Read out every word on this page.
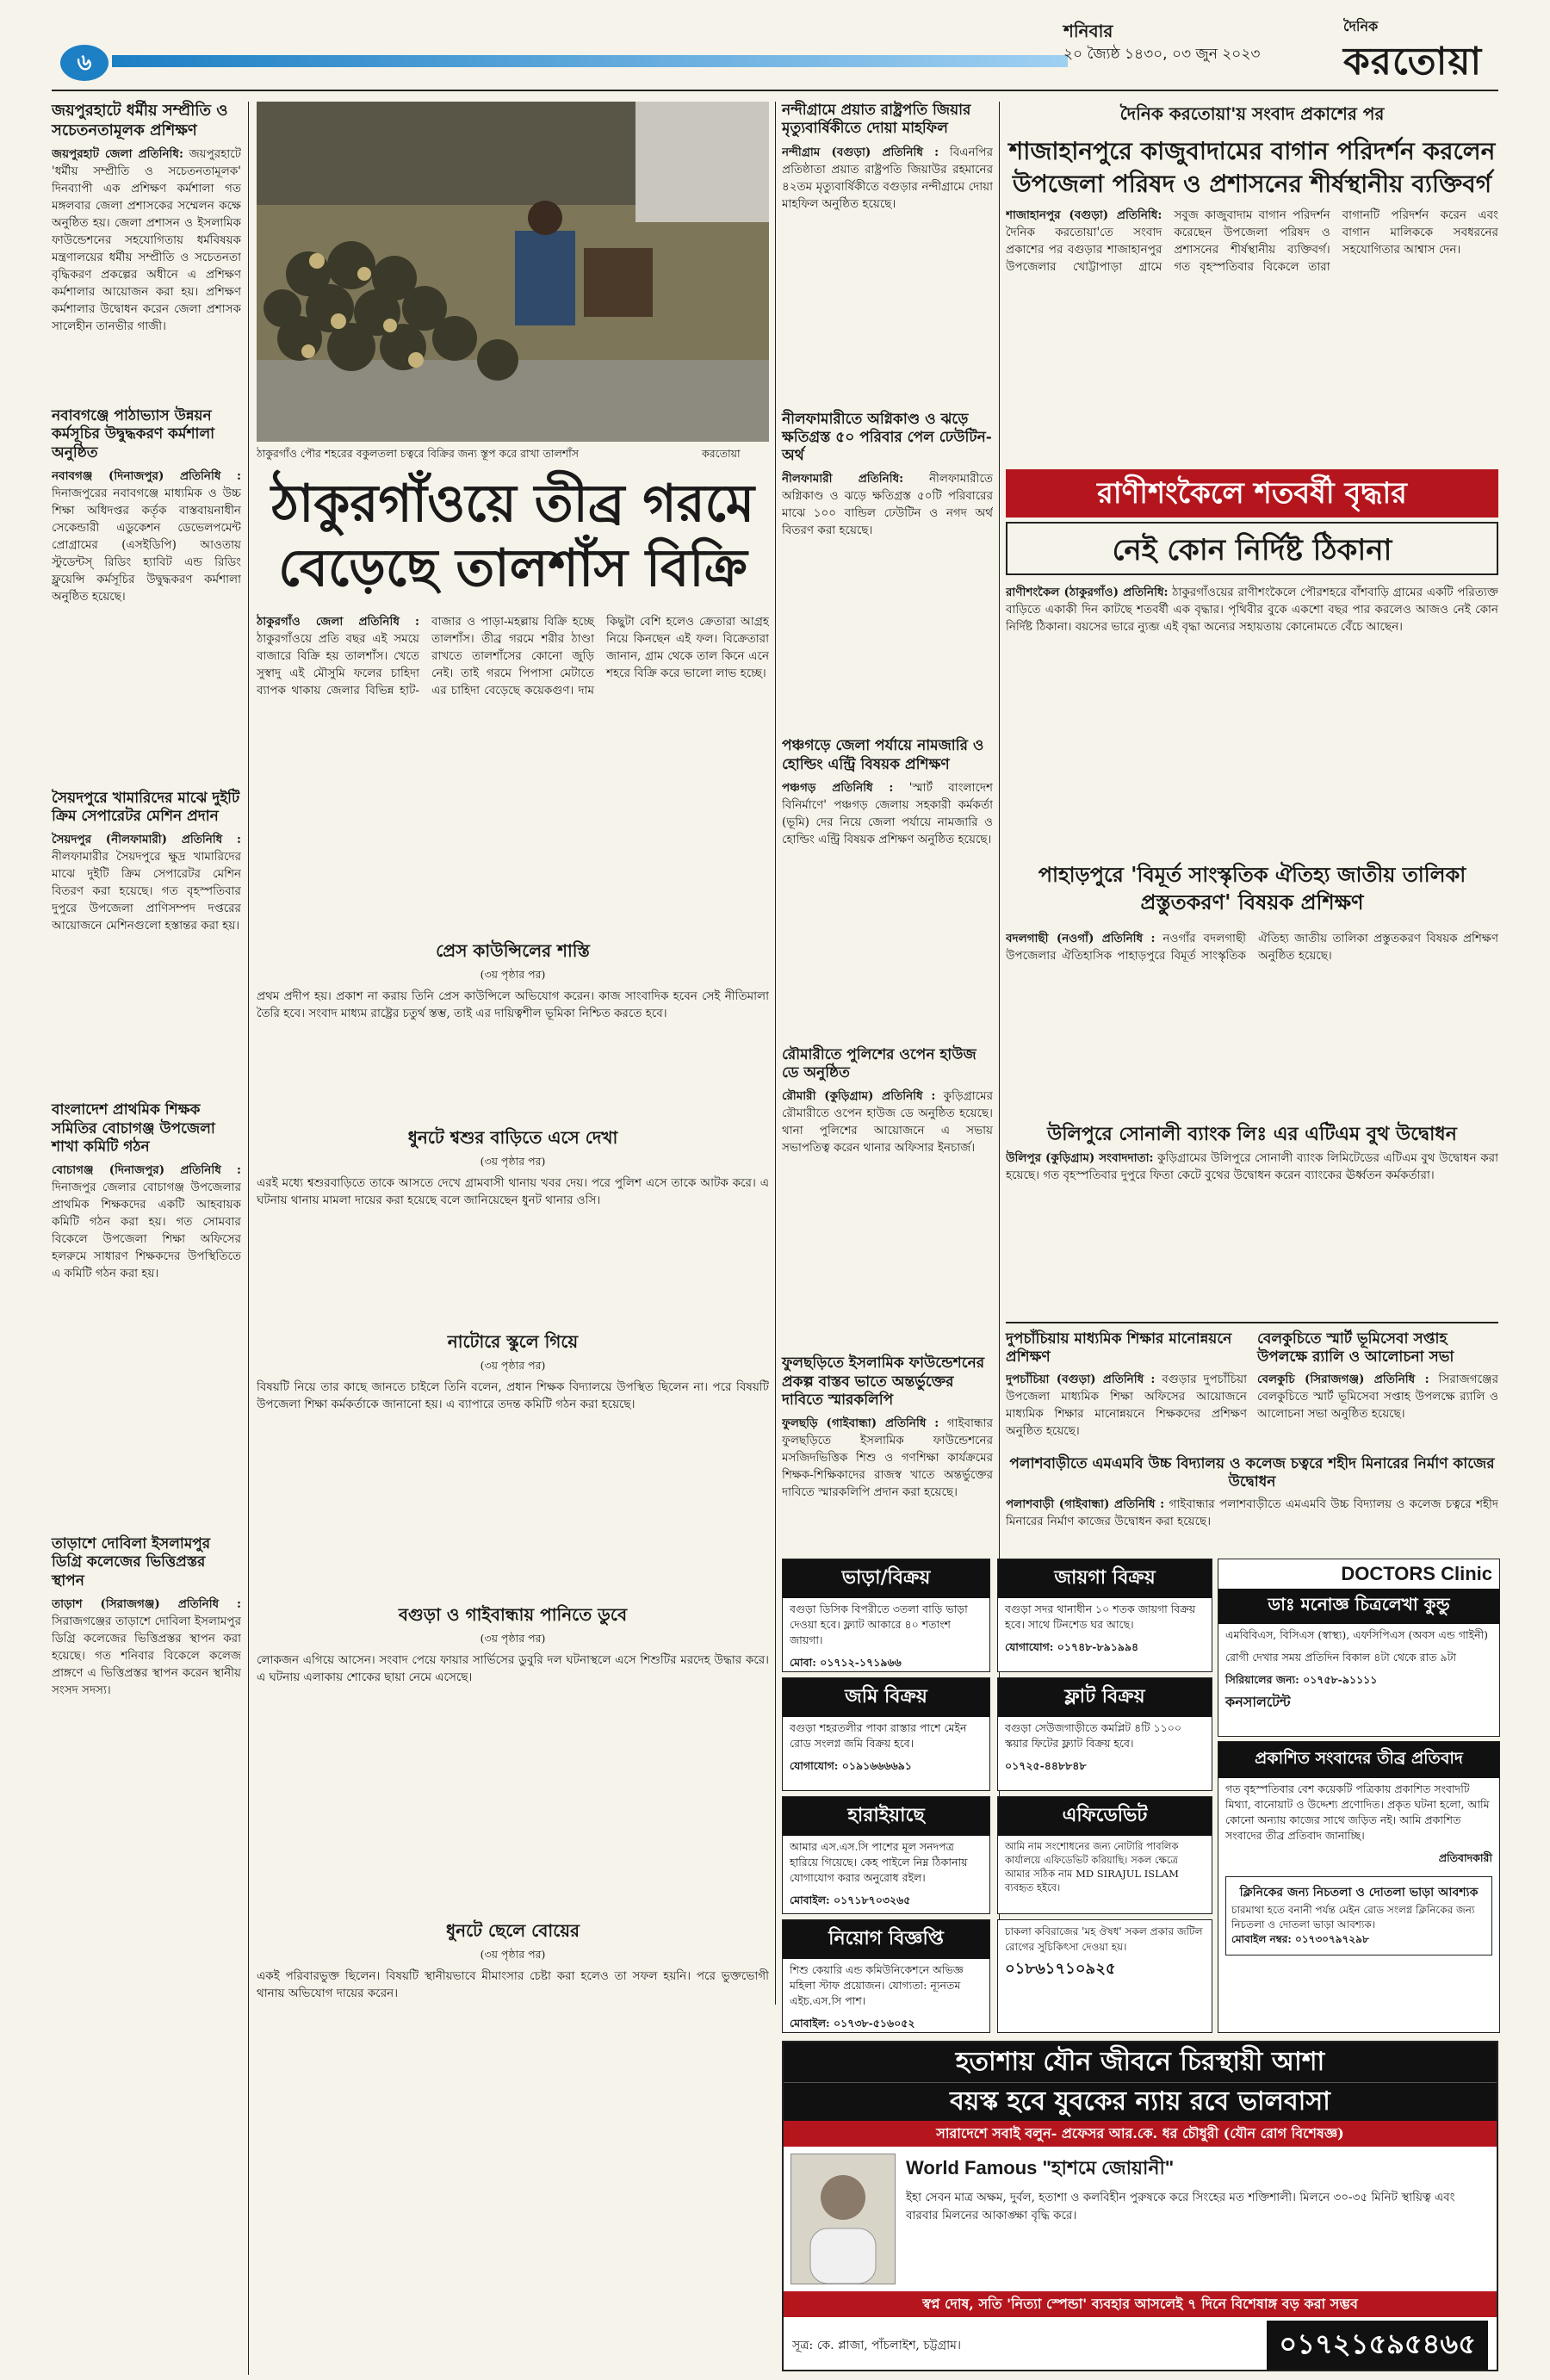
৬
শনিবার
২০ জ্যৈষ্ঠ ১৪৩০, ০৩ জুন ২০২৩
দৈনিক
করতোয়া
জয়পুরহাটে ধর্মীয় সম্প্রীতি ও সচেতনতামূলক প্রশিক্ষণ
জয়পুরহাট জেলা প্রতিনিধি: জয়পুরহাটে 'ধর্মীয় সম্প্রীতি ও সচেতনতামূলক' দিনব্যাপী এক প্রশিক্ষণ কর্মশালা গত মঙ্গলবার জেলা প্রশাসকের সম্মেলন কক্ষে অনুষ্ঠিত হয়। জেলা প্রশাসন ও ইসলামিক ফাউন্ডেশনের সহযোগিতায় ধর্মবিষয়ক মন্ত্রণালয়ের ধর্মীয় সম্প্রীতি ও সচেতনতা বৃদ্ধিকরণ প্রকল্পের অধীনে এ প্রশিক্ষণ কর্মশালার আয়োজন করা হয়। প্রশিক্ষণ কর্মশালার উদ্বোধন করেন জেলা প্রশাসক সালেহীন তানভীর গাজী।
নবাবগঞ্জে পাঠাভ্যাস উন্নয়ন কর্মসূচির উদ্বুদ্ধকরণ কর্মশালা অনুষ্ঠিত
নবাবগঞ্জ (দিনাজপুর) প্রতিনিধি : দিনাজপুরের নবাবগঞ্জে মাধ্যমিক ও উচ্চ শিক্ষা অধিদপ্তর কর্তৃক বাস্তবায়নাধীন সেকেন্ডারী এডুকেশন ডেভেলপমেন্ট প্রোগ্রামের (এসইডিপি) আওতায় স্টুডেন্টস্‌ রিডিং হ্যাবিট এন্ড রিডিং ফ্লুয়েন্সি কর্মসূচির উদ্বুদ্ধকরণ কর্মশালা অনুষ্ঠিত হয়েছে।
সৈয়দপুরে খামারিদের মাঝে দুইটি ক্রিম সেপারেটর মেশিন প্রদান
সৈয়দপুর (নীলফামারী) প্রতিনিধি : নীলফামারীর সৈয়দপুরে ক্ষুদ্র খামারিদের মাঝে দুইটি ক্রিম সেপারেটর মেশিন বিতরণ করা হয়েছে। গত বৃহস্পতিবার দুপুরে উপজেলা প্রাণিসম্পদ দপ্তরের আয়োজনে মেশিনগুলো হস্তান্তর করা হয়।
বাংলাদেশ প্রাথমিক শিক্ষক সমিতির বোচাগঞ্জ উপজেলা শাখা কমিটি গঠন
বোচাগঞ্জ (দিনাজপুর) প্রতিনিধি : দিনাজপুর জেলার বোচাগঞ্জ উপজেলার প্রাথমিক শিক্ষকদের একটি আহবায়ক কমিটি গঠন করা হয়। গত সোমবার বিকেলে উপজেলা শিক্ষা অফিসের হলরুমে সাধারণ শিক্ষকদের উপস্থিতিতে এ কমিটি গঠন করা হয়।
তাড়াশে দোবিলা ইসলামপুর ডিগ্রি কলেজের ভিত্তিপ্রস্তর স্থাপন
তাড়াশ (সিরাজগঞ্জ) প্রতিনিধি : সিরাজগঞ্জের তাড়াশে দোবিলা ইসলামপুর ডিগ্রি কলেজের ভিত্তিপ্রস্তর স্থাপন করা হয়েছে। গত শনিবার বিকেলে কলেজ প্রাঙ্গণে এ ভিত্তিপ্রস্তর স্থাপন করেন স্থানীয় সংসদ সদস্য।
ঠাকুরগাঁও পৌর শহরের বকুলতলা চত্বরে বিক্রির জন্য স্তূপ করে রাখা তালশাঁস	করতোয়া
ঠাকুরগাঁওয়ে তীব্র গরমে
বেড়েছে তালশাঁস বিক্রি
ঠাকুরগাঁও জেলা প্রতিনিধি : ঠাকুরগাঁওয়ে প্রতি বছর এই সময়ে বাজারে বিক্রি হয় তালশাঁস। খেতে সুস্বাদু এই মৌসুমি ফলের চাহিদা ব্যাপক থাকায় জেলার বিভিন্ন হাট-বাজার ও পাড়া-মহল্লায় বিক্রি হচ্ছে তালশাঁস। তীব্র গরমে শরীর ঠাণ্ডা রাখতে তালশাঁসের কোনো জুড়ি নেই। তাই গরমে পিপাসা মেটাতে এর চাহিদা বেড়েছে কয়েকগুণ। দাম কিছুটা বেশি হলেও ক্রেতারা আগ্রহ নিয়ে কিনছেন এই ফল। বিক্রেতারা জানান, গ্রাম থেকে তাল কিনে এনে শহরে বিক্রি করে ভালো লাভ হচ্ছে।
প্রেস কাউন্সিলের শাস্তি
(৩য় পৃষ্ঠার পর)
প্রথম প্রদীপ হয়। প্রকাশ না করায় তিনি প্রেস কাউন্সিলে অভিযোগ করেন। কাজ সাংবাদিক হবেন সেই নীতিমালা তৈরি হবে। সংবাদ মাধ্যম রাষ্ট্রের চতুর্থ স্তম্ভ, তাই এর দায়িত্বশীল ভূমিকা নিশ্চিত করতে হবে।
ধুনটে শ্বশুর বাড়িতে এসে দেখা
(৩য় পৃষ্ঠার পর)
এরই মধ্যে শ্বশুরবাড়িতে তাকে আসতে দেখে গ্রামবাসী থানায় খবর দেয়। পরে পুলিশ এসে তাকে আটক করে। এ ঘটনায় থানায় মামলা দায়ের করা হয়েছে বলে জানিয়েছেন ধুনট থানার ওসি।
নাটোরে স্কুলে গিয়ে
(৩য় পৃষ্ঠার পর)
বিষয়টি নিয়ে তার কাছে জানতে চাইলে তিনি বলেন, প্রধান শিক্ষক বিদ্যালয়ে উপস্থিত ছিলেন না। পরে বিষয়টি উপজেলা শিক্ষা কর্মকর্তাকে জানানো হয়। এ ব্যাপারে তদন্ত কমিটি গঠন করা হয়েছে।
বগুড়া ও গাইবান্ধায় পানিতে ডুবে
(৩য় পৃষ্ঠার পর)
লোকজন এগিয়ে আসেন। সংবাদ পেয়ে ফায়ার সার্ভিসের ডুবুরি দল ঘটনাস্থলে এসে শিশুটির মরদেহ উদ্ধার করে। এ ঘটনায় এলাকায় শোকের ছায়া নেমে এসেছে।
ধুনটে ছেলে বোয়ের
(৩য় পৃষ্ঠার পর)
একই পরিবারভুক্ত ছিলেন। বিষয়টি স্থানীয়ভাবে মীমাংসার চেষ্টা করা হলেও তা সফল হয়নি। পরে ভুক্তভোগী থানায় অভিযোগ দায়ের করেন।
নন্দীগ্রামে প্রয়াত রাষ্ট্রপতি জিয়ার মৃত্যুবার্ষিকীতে দোয়া মাহফিল
নন্দীগ্রাম (বগুড়া) প্রতিনিধি : বিএনপির প্রতিষ্ঠাতা প্রয়াত রাষ্ট্রপতি জিয়াউর রহমানের ৪২তম মৃত্যুবার্ষিকীতে বগুড়ার নন্দীগ্রামে দোয়া মাহফিল অনুষ্ঠিত হয়েছে।
নীলফামারীতে অগ্নিকাণ্ড ও ঝড়ে ক্ষতিগ্রস্ত ৫০ পরিবার পেল ঢেউটিন-অর্থ
নীলফামারী প্রতিনিধি: নীলফামারীতে অগ্নিকাণ্ড ও ঝড়ে ক্ষতিগ্রস্ত ৫০টি পরিবারের মাঝে ১০০ বান্ডিল ঢেউটিন ও নগদ অর্থ বিতরণ করা হয়েছে।
পঞ্চগড়ে জেলা পর্যায়ে নামজারি ও হোল্ডিং এন্ট্রি বিষয়ক প্রশিক্ষণ
পঞ্চগড় প্রতিনিধি : 'স্মার্ট বাংলাদেশ বিনির্মাণে' পঞ্চগড় জেলায় সহকারী কর্মকর্তা (ভূমি) দের নিয়ে জেলা পর্যায়ে নামজারি ও হোল্ডিং এন্ট্রি বিষয়ক প্রশিক্ষণ অনুষ্ঠিত হয়েছে।
রৌমারীতে পুলিশের ওপেন হাউজ ডে অনুষ্ঠিত
রৌমারী (কুড়িগ্রাম) প্রতিনিধি : কুড়িগ্রামের রৌমারীতে ওপেন হাউজ ডে অনুষ্ঠিত হয়েছে। থানা পুলিশের আয়োজনে এ সভায় সভাপতিত্ব করেন থানার অফিসার ইনচার্জ।
ফুলছড়িতে ইসলামিক ফাউন্ডেশনের প্রকল্প বাস্তব ভাতে অন্তর্ভুক্তের দাবিতে স্মারকলিপি
ফুলছড়ি (গাইবান্ধা) প্রতিনিধি : গাইবান্ধার ফুলছড়িতে ইসলামিক ফাউন্ডেশনের মসজিদভিত্তিক শিশু ও গণশিক্ষা কার্যক্রমের শিক্ষক-শিক্ষিকাদের রাজস্ব খাতে অন্তর্ভুক্তের দাবিতে স্মারকলিপি প্রদান করা হয়েছে।
দৈনিক করতোয়া'য় সংবাদ প্রকাশের পর
শাজাহানপুরে কাজুবাদামের বাগান পরিদর্শন করলেন উপজেলা পরিষদ ও প্রশাসনের শীর্ষস্থানীয় ব্যক্তিবর্গ
শাজাহানপুর (বগুড়া) প্রতিনিধি: দৈনিক করতোয়া'তে সংবাদ প্রকাশের পর বগুড়ার শাজাহানপুর উপজেলার খোট্টাপাড়া গ্রামে সবুজ কাজুবাদাম বাগান পরিদর্শন করেছেন উপজেলা পরিষদ ও প্রশাসনের শীর্ষস্থানীয় ব্যক্তিবর্গ। গত বৃহস্পতিবার বিকেলে তারা বাগানটি পরিদর্শন করেন এবং বাগান মালিককে সবধরনের সহযোগিতার আশ্বাস দেন।
রাণীশংকৈলে শতবর্ষী বৃদ্ধার
নেই কোন নির্দিষ্ট ঠিকানা
রাণীশংকৈল (ঠাকুরগাঁও) প্রতিনিধি: ঠাকুরগাঁওয়ের রাণীশংকৈলে পৌরশহরে বাঁশবাড়ি গ্রামের একটি পরিত্যক্ত বাড়িতে একাকী দিন কাটছে শতবর্ষী এক বৃদ্ধার। পৃথিবীর বুকে একশো বছর পার করলেও আজও নেই কোন নির্দিষ্ট ঠিকানা। বয়সের ভারে ন্যুব্জ এই বৃদ্ধা অন্যের সহায়তায় কোনোমতে বেঁচে আছেন।
পাহাড়পুরে 'বিমূর্ত সাংস্কৃতিক ঐতিহ্য জাতীয় তালিকা প্রস্তুতকরণ' বিষয়ক প্রশিক্ষণ
বদলগাছী (নওগাঁ) প্রতিনিধি : নওগাঁর বদলগাছী উপজেলার ঐতিহাসিক পাহাড়পুরে বিমূর্ত সাংস্কৃতিক ঐতিহ্য জাতীয় তালিকা প্রস্তুতকরণ বিষয়ক প্রশিক্ষণ অনুষ্ঠিত হয়েছে।
উলিপুরে সোনালী ব্যাংক লিঃ এর এটিএম বুথ উদ্বোধন
উলিপুর (কুড়িগ্রাম) সংবাদদাতা: কুড়িগ্রামের উলিপুরে সোনালী ব্যাংক লিমিটেডের এটিএম বুথ উদ্বোধন করা হয়েছে। গত বৃহস্পতিবার দুপুরে ফিতা কেটে বুথের উদ্বোধন করেন ব্যাংকের ঊর্ধ্বতন কর্মকর্তারা।
দুপচাঁচিয়ায় মাধ্যমিক শিক্ষার মানোন্নয়নে প্রশিক্ষণ
দুপচাঁচিয়া (বগুড়া) প্রতিনিধি : বগুড়ার দুপচাঁচিয়া উপজেলা মাধ্যমিক শিক্ষা অফিসের আয়োজনে মাধ্যমিক শিক্ষার মানোন্নয়নে শিক্ষকদের প্রশিক্ষণ অনুষ্ঠিত হয়েছে।
বেলকুচিতে স্মার্ট ভূমিসেবা সপ্তাহ উপলক্ষে র‍্যালি ও আলোচনা সভা
বেলকুচি (সিরাজগঞ্জ) প্রতিনিধি : সিরাজগঞ্জের বেলকুচিতে স্মার্ট ভূমিসেবা সপ্তাহ উপলক্ষে র‍্যালি ও আলোচনা সভা অনুষ্ঠিত হয়েছে।
পলাশবাড়ীতে এমএমবি উচ্চ বিদ্যালয় ও কলেজ চত্বরে শহীদ মিনারের নির্মাণ কাজের উদ্বোধন
পলাশবাড়ী (গাইবান্ধা) প্রতিনিধি : গাইবান্ধার পলাশবাড়ীতে এমএমবি উচ্চ বিদ্যালয় ও কলেজ চত্বরে শহীদ মিনারের নির্মাণ কাজের উদ্বোধন করা হয়েছে।
ভাড়া/বিক্রয়
বগুড়া ডিসিক বিপরীতে ৩তলা বাড়ি ভাড়া দেওয়া হবে। ফ্ল্যাট আকারে ৪০ শতাংশ জায়গা।
মোবা: ০১৭১২-১৭১৯৬৬
জমি বিক্রয়
বগুড়া শহরতলীর পাকা রাস্তার পাশে মেইন রোড সংলগ্ন জমি বিক্রয় হবে।
যোগাযোগ: ০১৯১৬৬৬৬৯১
হারাইয়াছে
আমার এস.এস.সি পাশের মূল সনদপত্র হারিয়ে গিয়েছে। কেহ পাইলে নিম্ন ঠিকানায় যোগাযোগ করার অনুরোধ রইল।
মোবাইল: ০১৭১৮৭০৩২৬৫
নিয়োগ বিজ্ঞপ্তি
শিশু কেয়ারি এন্ড কমিউনিকেশনে অভিজ্ঞ মহিলা স্টাফ প্রয়োজন। যোগ্যতা: ন্যূনতম এইচ.এস.সি পাশ।
মোবাইল: ০১৭৩৮-৫১৬০৫২
জায়গা বিক্রয়
বগুড়া সদর থানাধীন ১০ শতক জায়গা বিক্রয় হবে। সাথে টিনশেড ঘর আছে।
যোগাযোগ: ০১৭৪৮-৮৯১৯৯৪
ফ্লাট বিক্রয়
বগুড়া সেউজগাড়ীতে কমপ্লিট ৪টি ১১০০ স্কয়ার ফিটের ফ্ল্যাট বিক্রয় হবে।
০১৭২৫-৪৪৮৮৪৮
এফিডেভিট
আমি নাম সংশোধনের জন্য নোটারি পাবলিক কার্যালয়ে এফিডেভিট করিয়াছি। সকল ক্ষেত্রে আমার সঠিক নাম MD SIRAJUL ISLAM ব্যবহৃত হইবে।
চাকলা কবিরাজের 'মহ ঔষধ' সকল প্রকার জটিল রোগের সুচিকিৎসা দেওয়া হয়।
০১৮৬১৭১০৯২৫
DOCTORS Clinic
ডাঃ মনোজ্ঞ চিত্রলেখা কুন্ডু
এমবিবিএস, বিসিএস (স্বাস্থ্য), এফসিপিএস (অবস এন্ড গাইনী)
রোগী দেখার সময় প্রতিদিন বিকাল ৪টা থেকে রাত ৯টা
সিরিয়ালের জন্য: ০১৭৫৮-৯১১১১
কনসালটেন্ট
প্রকাশিত সংবাদের তীব্র প্রতিবাদ
গত বৃহস্পতিবার বেশ কয়েকটি পত্রিকায় প্রকাশিত সংবাদটি মিথ্যা, বানোয়াট ও উদ্দেশ্য প্রণোদিত। প্রকৃত ঘটনা হলো, আমি কোনো অন্যায় কাজের সাথে জড়িত নই। আমি প্রকাশিত সংবাদের তীব্র প্রতিবাদ জানাচ্ছি।
প্রতিবাদকারী
ক্লিনিকের জন্য নিচতলা ও দোতলা ভাড়া আবশ্যক
চারমাথা হতে বনানী পর্যন্ত মেইন রোড সংলগ্ন ক্লিনিকের জন্য নিচতলা ও দোতলা ভাড়া আবশ্যক।
মোবাইল নম্বর: ০১৭৩০৭৯৭২৯৮
হতাশায় যৌন জীবনে চিরস্থায়ী আশা
বয়স্ক হবে যুবকের ন্যায় রবে ভালবাসা
সারাদেশে সবাই বলুন- প্রফেসর আর.কে. ধর চৌধুরী (যৌন রোগ বিশেষজ্ঞ)
World Famous "হাশমে জোয়ানী"
ইহা সেবন মাত্র অক্ষম, দুর্বল, হতাশা ও কলবিহীন পুরুষকে করে সিংহের মত শক্তিশালী। মিলনে ৩০-৩৫ মিনিট স্থায়িত্ব এবং বারবার মিলনের আকাঙ্ক্ষা বৃদ্ধি করে।
স্বপ্ন দোষ, সতি 'নিত্যা স্পেন্ডা' ব্যবহার আসলেই ৭ দিনে বিশেষাঙ্গ বড় করা সম্ভব
সূত্র: কে. প্লাজা, পাঁচলাইশ, চট্টগ্রাম।	০১৭২১৫৯৫৪৬৫
